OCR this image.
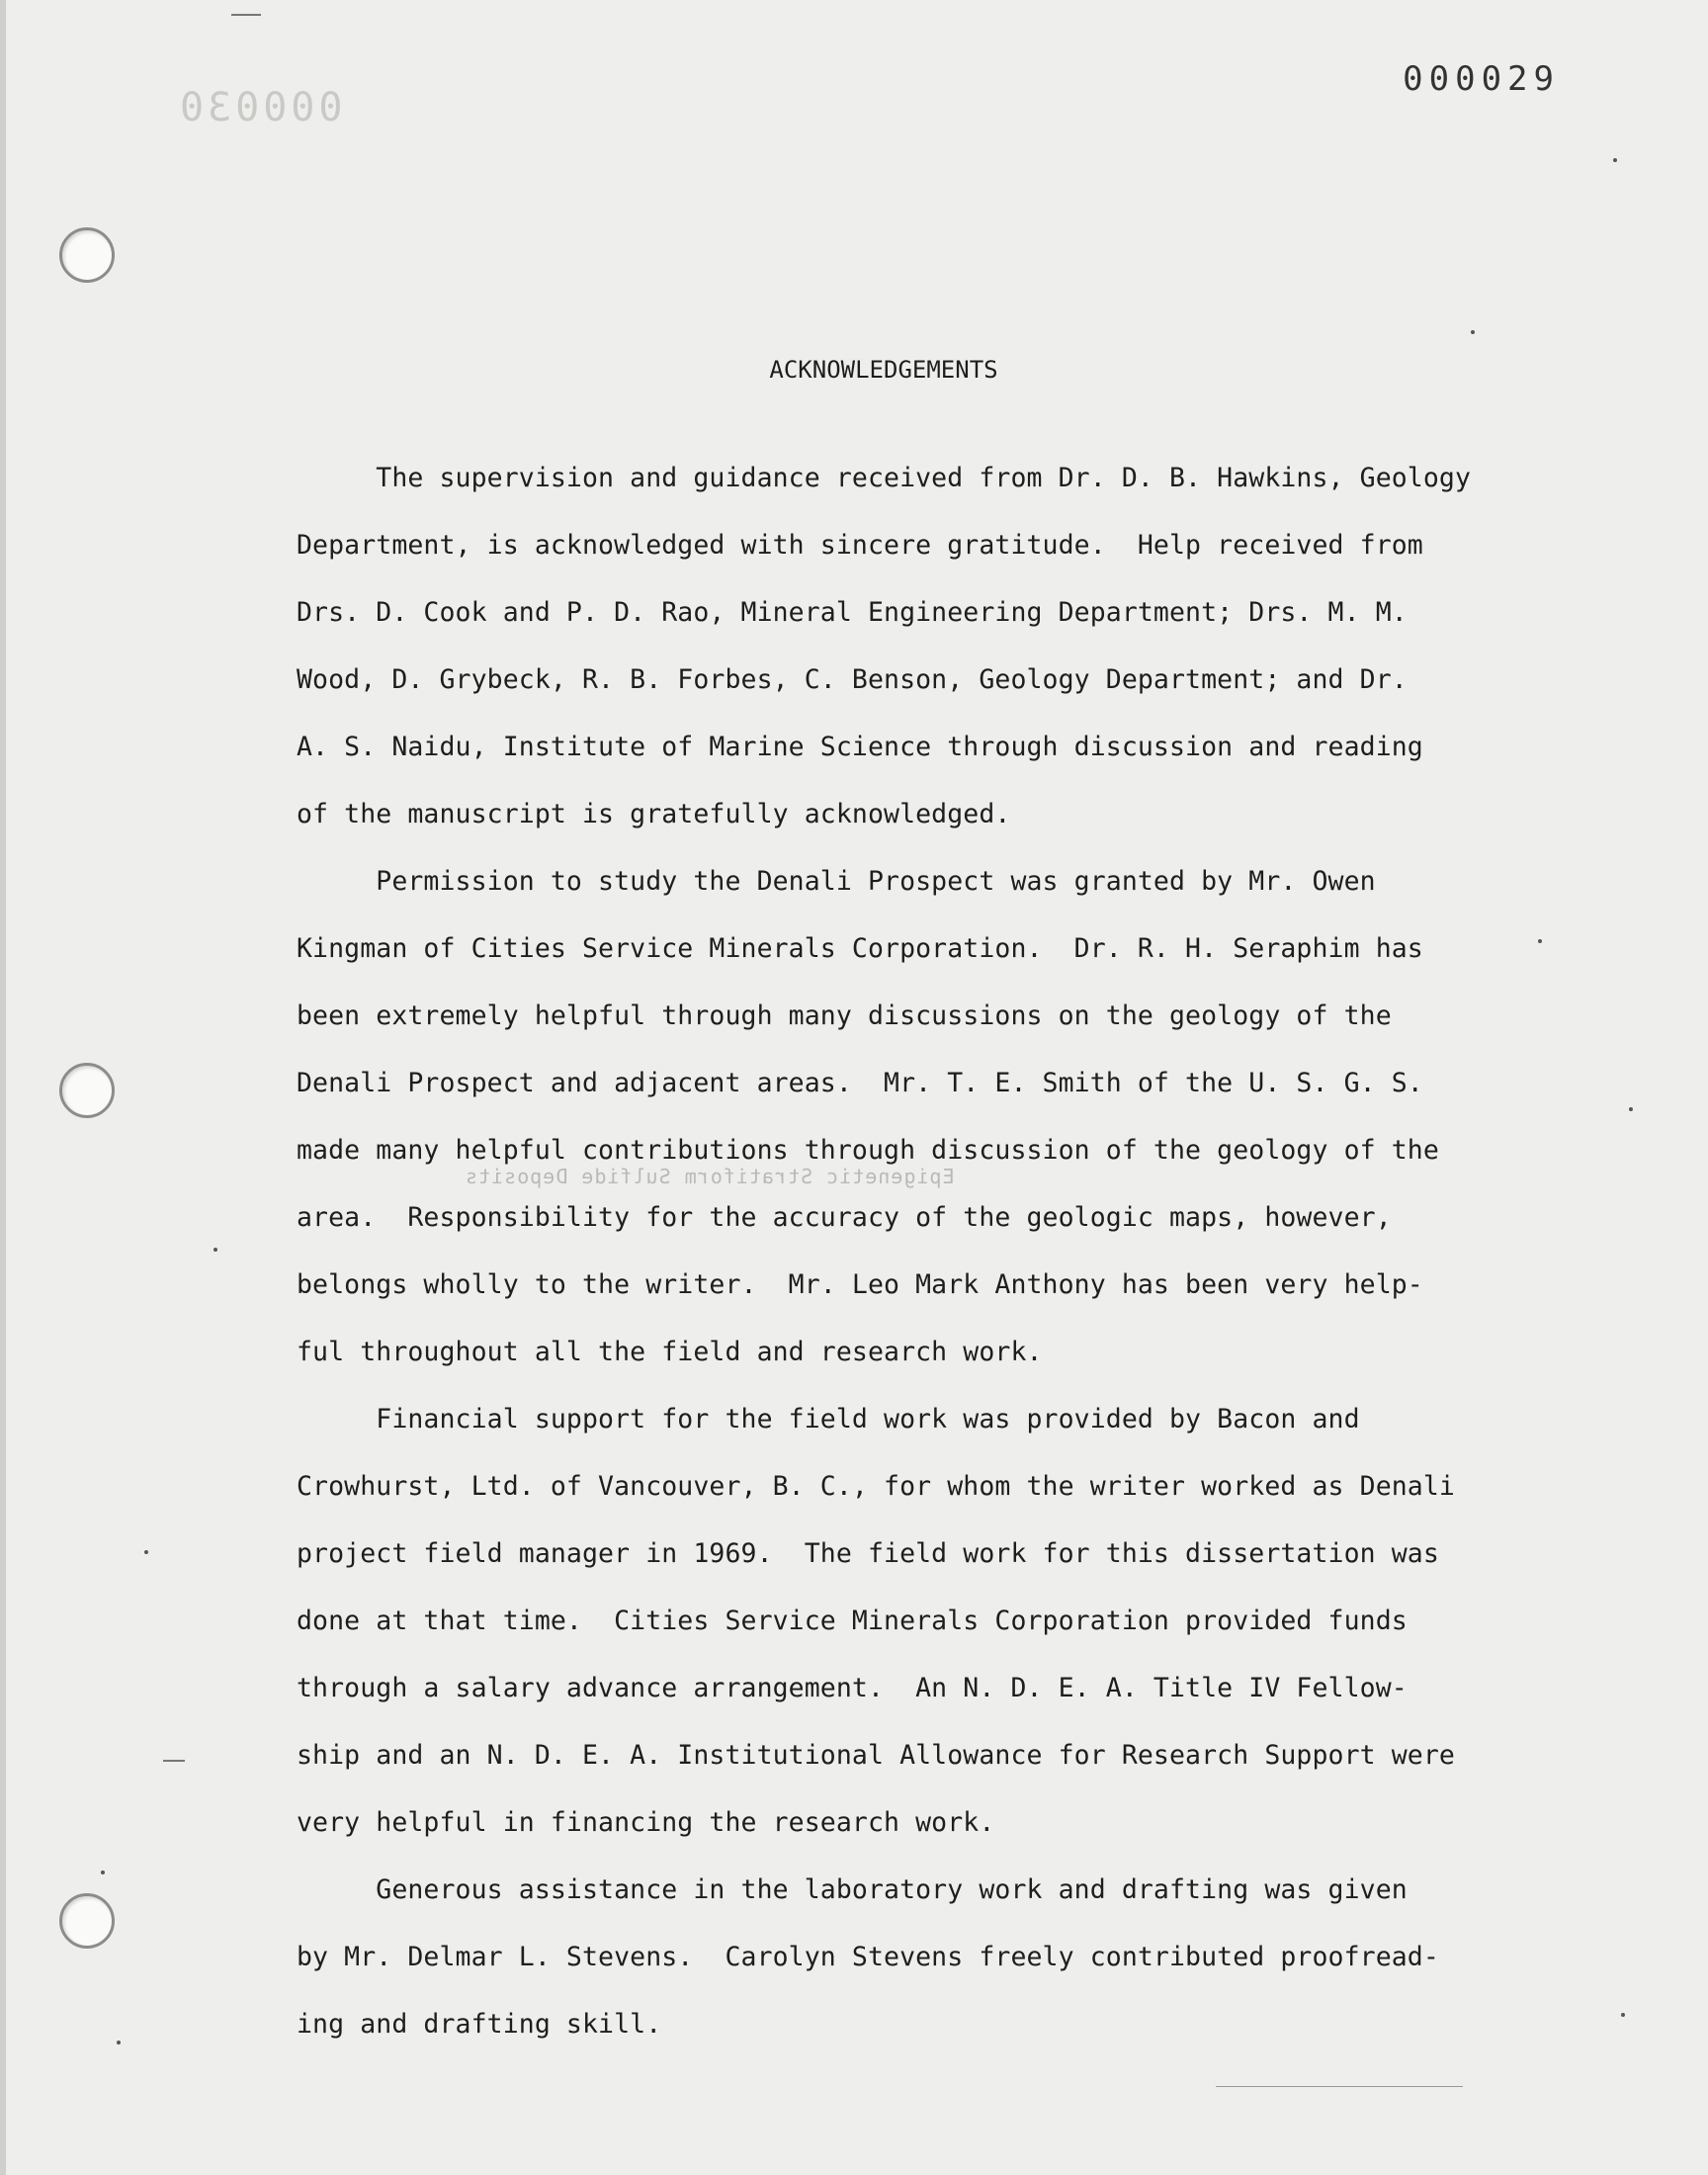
000030
000029
ACKNOWLEDGEMENTS
Epigenetic Stratiform Sulfide Deposits
The supervision and guidance received from Dr. D. B. Hawkins, Geology
Department, is acknowledged with sincere gratitude.  Help received from
Drs. D. Cook and P. D. Rao, Mineral Engineering Department; Drs. M. M.
Wood, D. Grybeck, R. B. Forbes, C. Benson, Geology Department; and Dr.
A. S. Naidu, Institute of Marine Science through discussion and reading
of the manuscript is gratefully acknowledged.
Permission to study the Denali Prospect was granted by Mr. Owen
Kingman of Cities Service Minerals Corporation.  Dr. R. H. Seraphim has
been extremely helpful through many discussions on the geology of the
Denali Prospect and adjacent areas.  Mr. T. E. Smith of the U. S. G. S.
made many helpful contributions through discussion of the geology of the
area.  Responsibility for the accuracy of the geologic maps, however,
belongs wholly to the writer.  Mr. Leo Mark Anthony has been very help-
ful throughout all the field and research work.
Financial support for the field work was provided by Bacon and
Crowhurst, Ltd. of Vancouver, B. C., for whom the writer worked as Denali
project field manager in 1969.  The field work for this dissertation was
done at that time.  Cities Service Minerals Corporation provided funds
through a salary advance arrangement.  An N. D. E. A. Title IV Fellow-
ship and an N. D. E. A. Institutional Allowance for Research Support were
very helpful in financing the research work.
Generous assistance in the laboratory work and drafting was given
by Mr. Delmar L. Stevens.  Carolyn Stevens freely contributed proofread-
ing and drafting skill.
